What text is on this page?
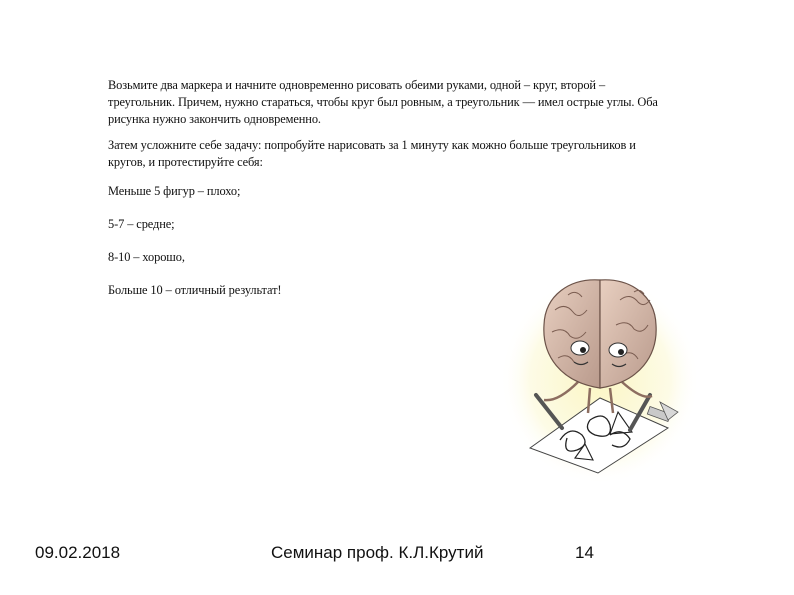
Возьмите два маркера и начните одновременно рисовать обеими руками, одной – круг, второй – треугольник. Причем, нужно стараться, чтобы круг был ровным, а треугольник — имел острые углы. Оба рисунка нужно закончить одновременно.

Затем усложните себе задачу: попробуйте нарисовать за 1 минуту как можно больше треугольников и кругов, и протестируйте себя:

Меньше 5 фигур – плохо;

5-7 – средне;

8-10 – хорошо,

Больше 10 – отличный результат!

09.02.2018	Семинар проф. К.Л.Крутий	14
